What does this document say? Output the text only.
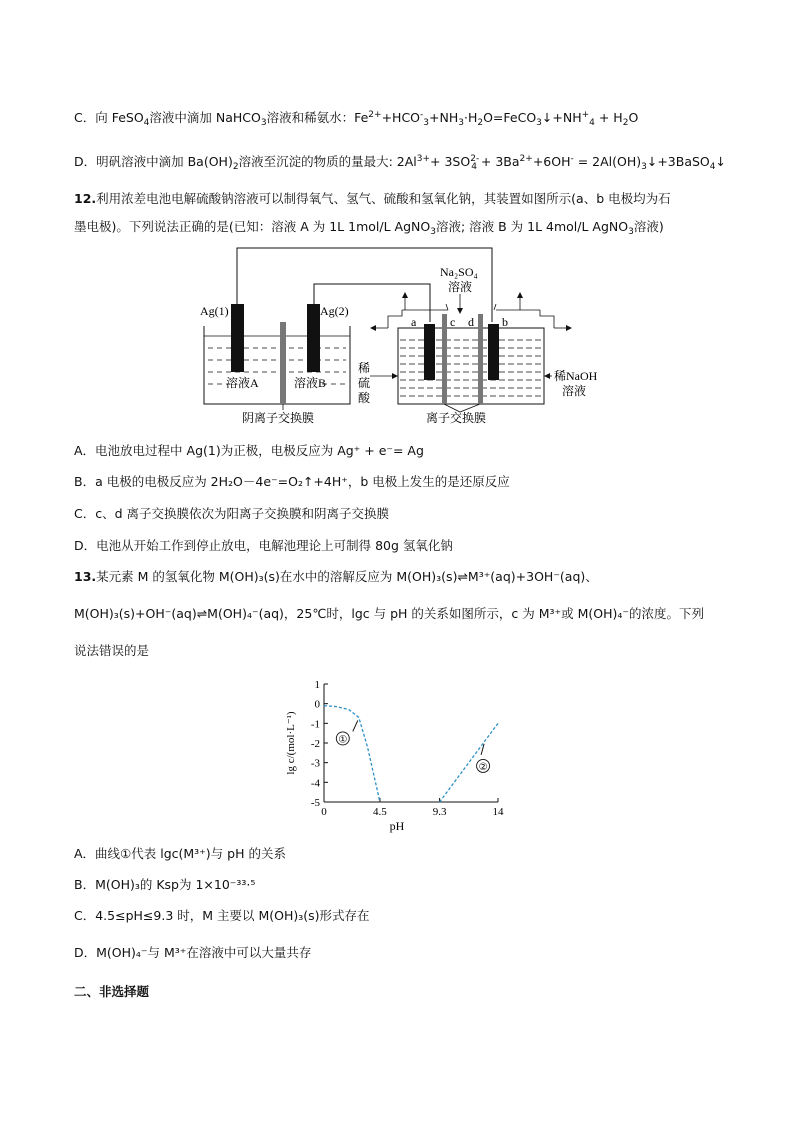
C．向 FeSO$_4$溶液中滴加 NaHCO$_3$溶液和稀氨水：$Fe^{2+}+HCO^-_3+NH_3\cdot H_2O=FeCO_3↓+NH^+_4 + H_2O$
D．明矾溶液中滴加 $Ba(OH)_2$溶液至沉淀的物质的量最大: $2Al^{3+}+ 3SO^{2-}_4 + 3Ba^{2+}+6OH^-$ = $2Al(OH)_3↓+3BaSO_4↓$
12.利用浓差电池电解硫酸钠溶液可以制得氧气、氢气、硫酸和氢氧化钠，其装置如图所示(a、b 电极均为石
墨电极)。下列说法正确的是(已知：溶液 A 为 1L 1mol/L AgNO$_3$溶液; 溶液 B 为 1L 4mol/L AgNO$_3$溶液)
Ag(1)	Ag(2)
溶液A	溶液B
阴离子交换膜
a	c d b
Na₂SO₄
溶液
稀
硫
酸
稀NaOH
溶液
离子交换膜
A．电池放电过程中 Ag(1)为正极，电极反应为 Ag⁺ + e⁻= Ag
B．a 电极的电极反应为 2H₂O－4e⁻=O₂↑+4H⁺，b 电极上发生的是还原反应
C．c、d 离子交换膜依次为阳离子交换膜和阴离子交换膜
D．电池从开始工作到停止放电，电解池理论上可制得 80g 氢氧化钠
13.某元素 M 的氢氧化物 M(OH)₃(s)在水中的溶解反应为 M(OH)₃(s)⇌M³⁺(aq)+3OH⁻(aq)、
M(OH)₃(s)+OH⁻(aq)⇌M(OH)₄⁻(aq)，25℃时，lgc 与 pH 的关系如图所示，c 为 M³⁺或 M(OH)₄⁻的浓度。下列
说法错误的是
1
0
-1
-2
-3
-4
-5
0	4.5	9.3	14
pH
lg c/(mol·L⁻¹)	①
②
A．曲线①代表 lgc(M³⁺)与 pH 的关系
B．M(OH)₃的 Ksp为 1×10⁻³³·⁵
C．4.5≤pH≤9.3 时，M 主要以 M(OH)₃(s)形式存在
D．M(OH)₄⁻与 M³⁺在溶液中可以大量共存
二、非选择题
